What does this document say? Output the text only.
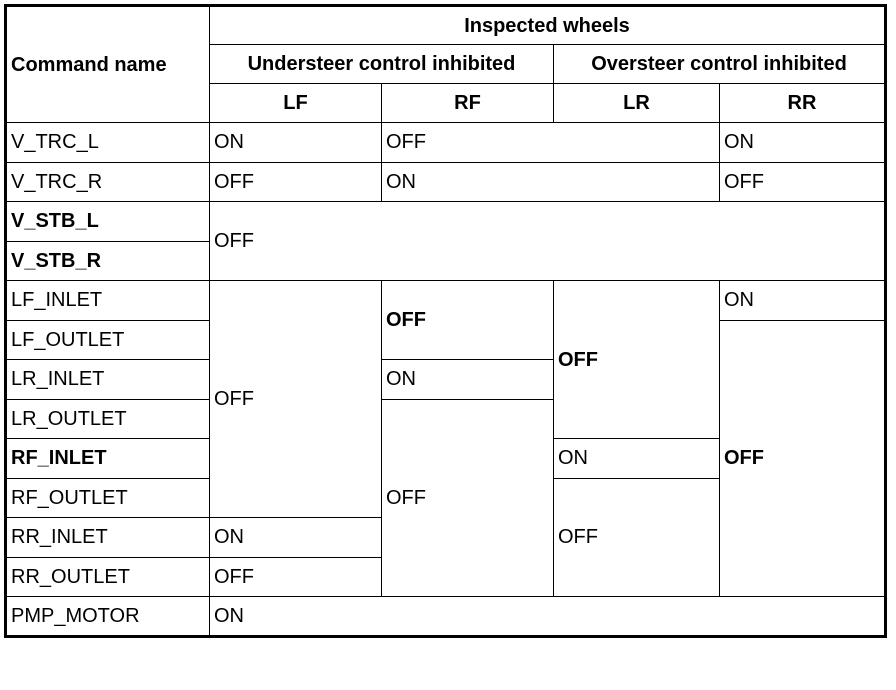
Command name	Inspected wheels			
	Understeer control inhibited		Oversteer control inhibited	
	LF	RF	LR	RR
V_TRC_L	ON	OFF		ON
V_TRC_R	OFF	ON		OFF
V_STB_L	OFF			
V_STB_R				
LF_INLET	OFF	OFF	OFF	ON
LF_OUTLET				OFF
LR_INLET		ON		
LR_OUTLET		OFF		
RF_INLET			ON	
RF_OUTLET			OFF	
RR_INLET	ON			
RR_OUTLET	OFF			
PMP_MOTOR	ON			
